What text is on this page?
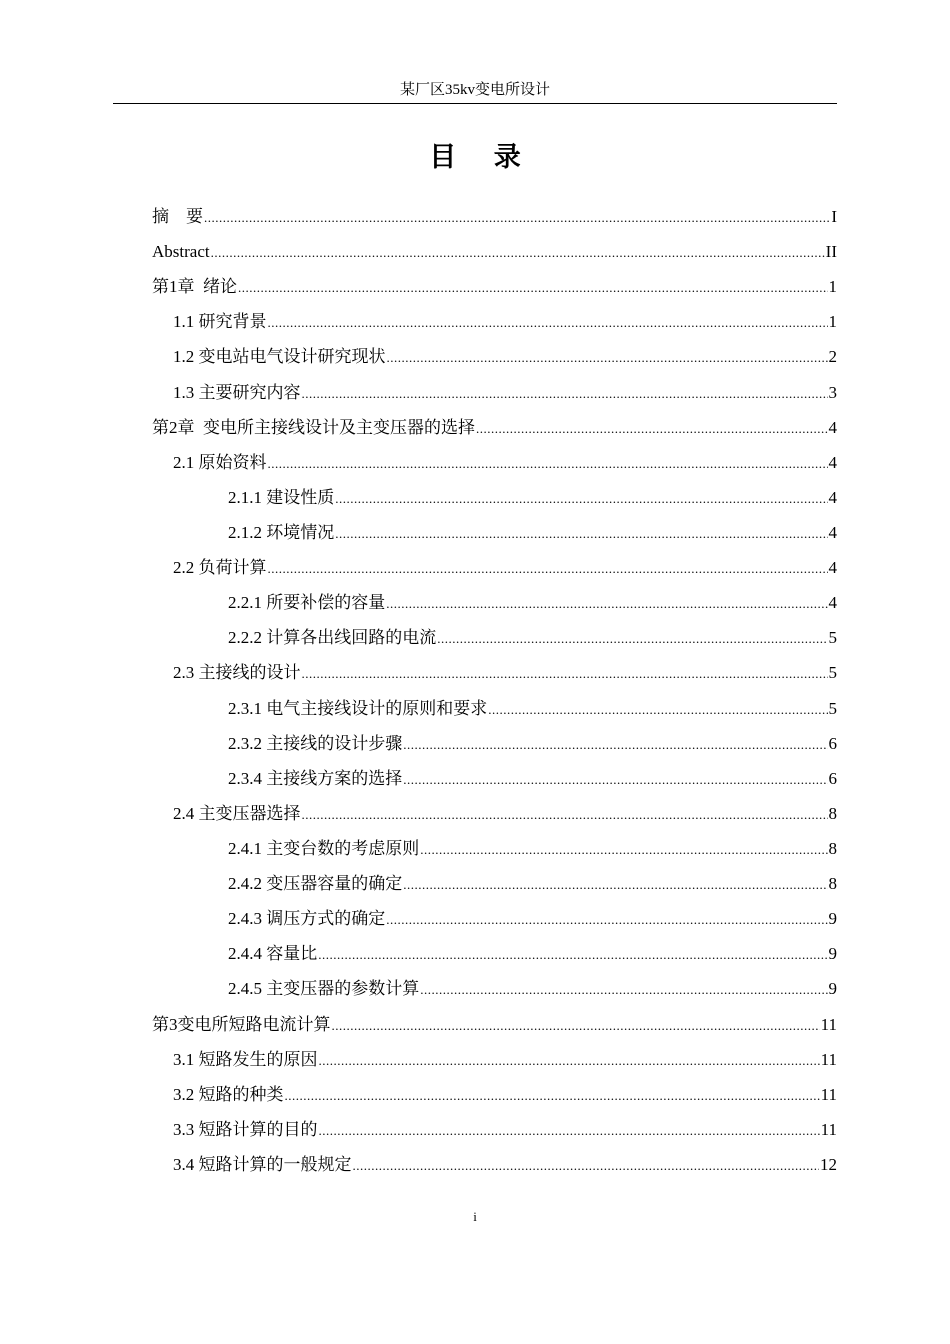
某厂区35kv变电所设计
目    录
摘    要 .....	I
Abstract .....	II
第1章  绪论 .....	1
1.1 研究背景 .....	1
1.2 变电站电气设计研究现状 .....	2
1.3 主要研究内容 .....	3
第2章  变电所主接线设计及主变压器的选择 .....	4
2.1 原始资料 .....	4
2.1.1 建设性质 .....	4
2.1.2 环境情况 .....	4
2.2 负荷计算 .....	4
2.2.1 所要补偿的容量 .....	4
2.2.2 计算各出线回路的电流 .....	5
2.3 主接线的设计 .....	5
2.3.1 电气主接线设计的原则和要求 .....	5
2.3.2 主接线的设计步骤 .....	6
2.3.4 主接线方案的选择 .....	6
2.4 主变压器选择 .....	8
2.4.1 主变台数的考虑原则 .....	8
2.4.2 变压器容量的确定 .....	8
2.4.3 调压方式的确定 .....	9
2.4.4 容量比 .....	9
2.4.5 主变压器的参数计算 .....	9
第3变电所短路电流计算 .....	11
3.1 短路发生的原因 .....	11
3.2 短路的种类 .....	11
3.3 短路计算的目的 .....	11
3.4 短路计算的一般规定 .....	12
i
